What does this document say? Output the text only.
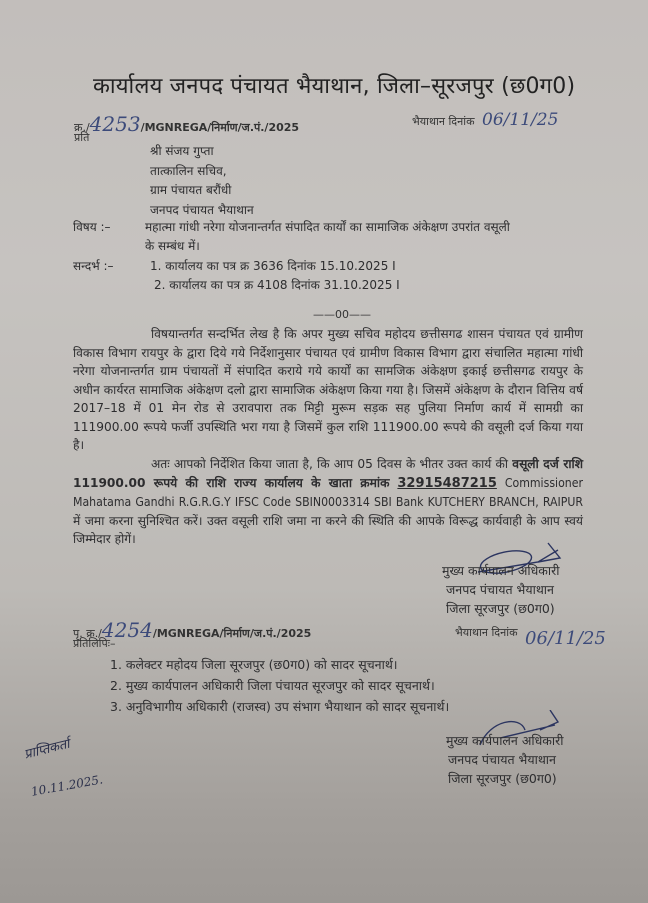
कार्यालय जनपद पंचायत भैयाथान, जिला–सूरजपुर (छ0ग0)
क्र./4253/MGNREGA/निर्माण/ज.पं./2025	भैयाथान दिनांक 06/11/25
प्रति
श्री संजय गुप्ता
तात्कालिन सचिव,
ग्राम पंचायत बरौंधी
जनपद पंचायत भैयाथान
विषय :–	महात्मा गांधी नरेगा योजनान्तर्गत संपादित कार्यों का सामाजिक अंकेक्षण उपरांत वसूली
के सम्बंध में।
सन्दर्भ :–	1. कार्यालय का पत्र क्र 3636 दिनांक 15.10.2025 I
2. कार्यालय का पत्र क्र 4108 दिनांक 31.10.2025 I
——00——
विषयान्तर्गत सन्दर्भित लेख है कि अपर मुख्य सचिव महोदय छत्तीसगढ शासन पंचायत एवं ग्रामीण विकास विभाग रायपुर के द्वारा दिये गये निर्देशानुसार पंचायत एवं ग्रामीण विकास विभाग द्वारा संचालित महात्मा गांधी नरेगा योजनान्तर्गत ग्राम पंचायतों में संपादित कराये गये कार्यों का सामजिक अंकेक्षण इकाई छत्तीसगढ रायपुर के अधीन कार्यरत सामाजिक अंकेक्षण दलो द्वारा सामाजिक अंकेक्षण किया गया है। जिसमें अंकेक्षण के दौरान वित्तिय वर्ष 2017–18 में 01 मेन रोड से उरावपारा तक मिट्टी मुरूम सड़क सह पुलिया निर्माण कार्य में सामग्री का 111900.00 रूपये फर्जी उपस्थिति भरा गया है जिसमें कुल राशि 111900.00 रूपये की वसूली दर्ज किया गया है।
अतः आपको निर्देशित किया जाता है, कि आप 05 दिवस के भीतर उक्त कार्य की वसूली दर्ज राशि 111900.00 रूपये की राशि राज्य कार्यालय के खाता क्रमांक 32915487215 Commissioner Mahatama Gandhi R.G.R.G.Y IFSC Code SBIN0003314 SBI Bank KUTCHERY BRANCH, RAIPUR में जमा करना सुनिश्चित करें। उक्त वसूली राशि जमा ना करने की स्थिति की आपके विरूद्ध कार्यवाही के आप स्वयं जिम्मेदार होगें।
मुख्य कार्यपालन अधिकारी
जनपद पंचायत भैयाथान
जिला सूरजपुर (छ0ग0)
पृ. क्र./4254/MGNREGA/निर्माण/ज.पं./2025	भैयाथान दिनांक 06/11/25
प्रतिलिपिः–
1. कलेक्टर महोदय जिला सूरजपुर (छ0ग0) को सादर सूचनार्थ।
2. मुख्य कार्यपालन अधिकारी जिला पंचायत सूरजपुर को सादर सूचनार्थ।
3. अनुविभागीय अधिकारी (राजस्व) उप संभाग भैयाथान को सादर सूचनार्थ।
मुख्य कार्यपालन अधिकारी
जनपद पंचायत भैयाथान
जिला सूरजपुर (छ0ग0)
प्राप्तिकर्ता
10.11.2025.
